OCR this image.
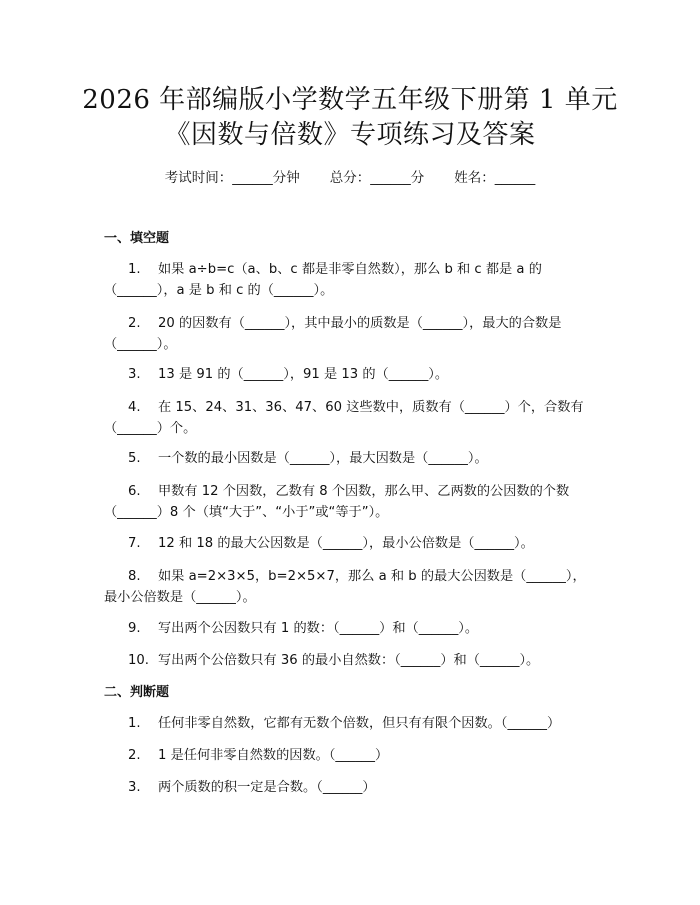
2026 年部编版小学数学五年级下册第 1 单元
《因数与倍数》专项练习及答案
考试时间：______分钟 总分：______分 姓名：______
一、填空题
1. 如果 a÷b=c（a、b、c 都是非零自然数），那么 b 和 c 都是 a 的
（______），a 是 b 和 c 的（______）。
2. 20 的因数有（______），其中最小的质数是（______），最大的合数是
（______）。
3. 13 是 91 的（______），91 是 13 的（______）。
4. 在 15、24、31、36、47、60 这些数中，质数有（______）个，合数有
（______）个。
5. 一个数的最小因数是（______），最大因数是（______）。
6. 甲数有 12 个因数，乙数有 8 个因数，那么甲、乙两数的公因数的个数
（______）8 个（填“大于”、“小于”或“等于”）。
7. 12 和 18 的最大公因数是（______），最小公倍数是（______）。
8. 如果 a=2×3×5，b=2×5×7，那么 a 和 b 的最大公因数是（______），
最小公倍数是（______）。
9. 写出两个公因数只有 1 的数：（______）和（______）。
10. 写出两个公倍数只有 36 的最小自然数：（______）和（______）。
二、判断题
1. 任何非零自然数，它都有无数个倍数，但只有有限个因数。（______）
2. 1 是任何非零自然数的因数。（______）
3. 两个质数的积一定是合数。（______）
